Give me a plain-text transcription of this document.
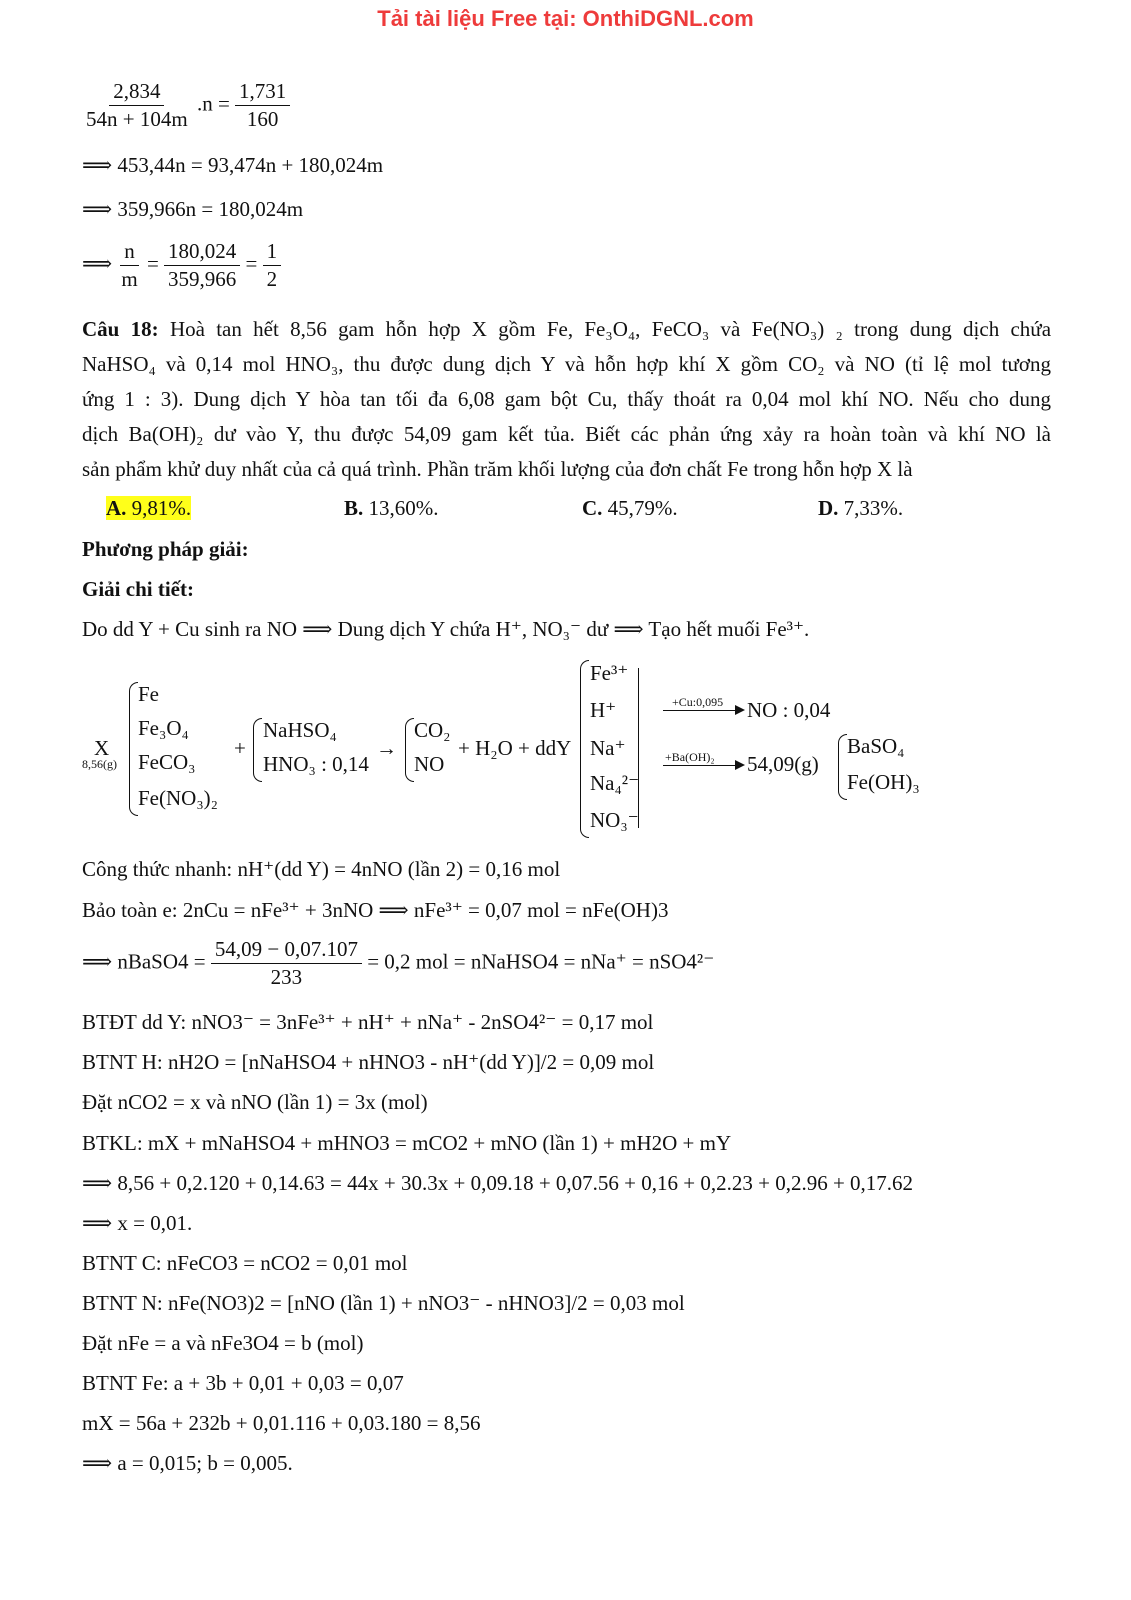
Tải tài liệu Free tại: OnthiDGNL.com
$\frac{2,834}{54n + 104m} .n = \frac{1,731}{160}$
⟹ 453,44n = 93,474n + 180,024m
⟹ 359,966n = 180,024m
⟹ $\frac{n}{m} = \frac{180,024}{359,966} = \frac{1}{2}$
Câu 18: Hoà tan hết 8,56 gam hỗn hợp X gồm Fe, Fe₃O₄, FeCO₃ và Fe(NO₃) ₂ trong dung dịch chứa
NaHSO₄ và 0,14 mol HNO₃, thu được dung dịch Y và hỗn hợp khí X gồm CO₂ và NO (tỉ lệ mol tương
ứng 1 : 3). Dung dịch Y hòa tan tối đa 6,08 gam bột Cu, thấy thoát ra 0,04 mol khí NO. Nếu cho dung
dịch Ba(OH)₂ dư vào Y, thu được 54,09 gam kết tủa. Biết các phản ứng xảy ra hoàn toàn và khí NO là
sản phẩm khử duy nhất của cả quá trình. Phần trăm khối lượng của đơn chất Fe trong hỗn hợp X là
A. 9,81%.	B. 13,60%.	C. 45,79%.	D. 7,33%.
Phương pháp giải:
Giải chi tiết:
Do dd Y + Cu sinh ra NO ⟹ Dung dịch Y chứa H⁺, NO₃⁻ dư ⟹ Tạo hết muối Fe³⁺.
X
8,56(g)
Fe
Fe₃O₄
FeCO₃
Fe(NO₃)₂
+
NaHSO₄
HNO₃ : 0,14
→
CO₂
NO
+ H₂O + ddY
Fe³⁺
H⁺
Na⁺
Na₄²⁻
NO₃⁻
+Cu:0,095 NO : 0,04
+Ba(OH)₂ 54,09(g)
BaSO₄
Fe(OH)₃
Công thức nhanh: nH⁺(dd Y) = 4nNO (lần 2) = 0,16 mol
Bảo toàn e: 2nCu = nFe³⁺ + 3nNO ⟹ nFe³⁺ = 0,07 mol = nFe(OH)3
⟹ nBaSO4 = $\frac{54,09 - 0,07.107}{233} = 0,2$ mol = nNaHSO4 = nNa⁺ = nSO4²⁻
BTĐT dd Y: nNO3⁻ = 3nFe³⁺ + nH⁺ + nNa⁺ - 2nSO4²⁻ = 0,17 mol
BTNT H: nH2O = [nNaHSO4 + nHNO3 - nH⁺(dd Y)]/2 = 0,09 mol
Đặt nCO2 = x và nNO (lần 1) = 3x (mol)
BTKL: mX + mNaHSO4 + mHNO3 = mCO2 + mNO (lần 1) + mH2O + mY
⟹ 8,56 + 0,2.120 + 0,14.63 = 44x + 30.3x + 0,09.18 + 0,07.56 + 0,16 + 0,2.23 + 0,2.96 + 0,17.62
⟹ x = 0,01.
BTNT C: nFeCO3 = nCO2 = 0,01 mol
BTNT N: nFe(NO3)2 = [nNO (lần 1) + nNO3⁻ - nHNO3]/2 = 0,03 mol
Đặt nFe = a và nFe3O4 = b (mol)
BTNT Fe: a + 3b + 0,01 + 0,03 = 0,07
mX = 56a + 232b + 0,01.116 + 0,03.180 = 8,56
⟹ a = 0,015; b = 0,005.
